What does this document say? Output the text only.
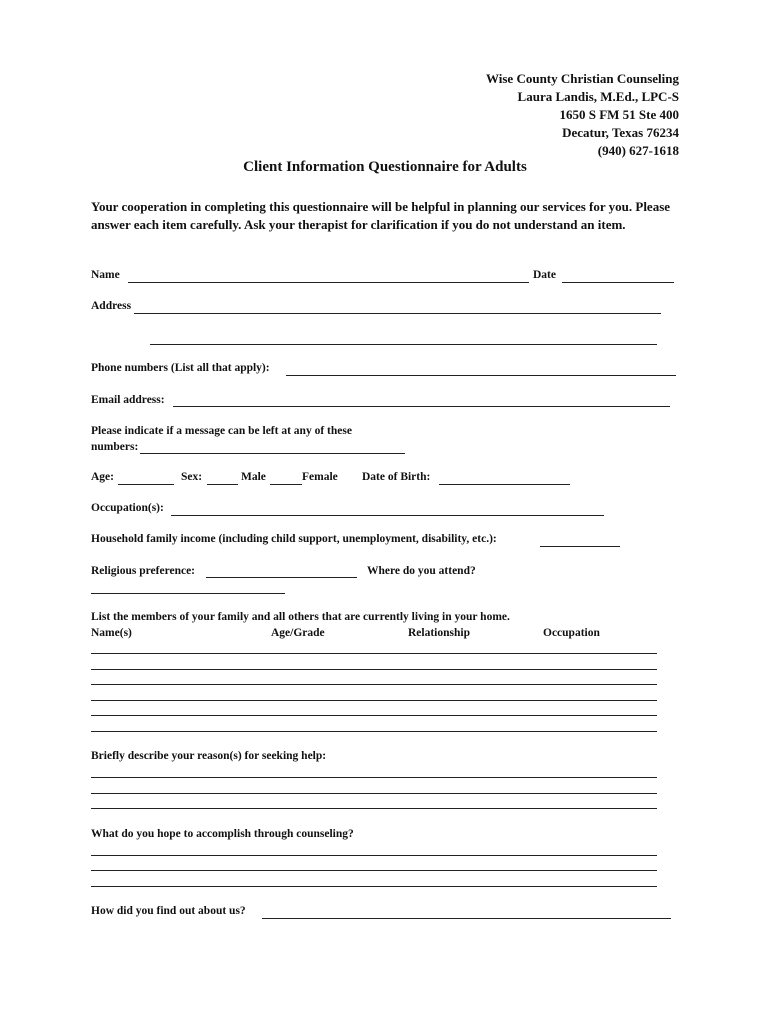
Wise County Christian Counseling
Laura Landis, M.Ed., LPC-S
1650 S FM 51 Ste 400
Decatur, Texas 76234
(940) 627-1618
Client Information Questionnaire for Adults
Your cooperation in completing this questionnaire will be helpful in planning our services for you. Please answer each item carefully. Ask your therapist for clarification if you do not understand an item.
Name	Date
Address
Phone numbers (List all that apply):
Email address:
Please indicate if a message can be left at any of these
numbers:
Age:	Sex:	Male	Female Date of Birth:
Occupation(s):
Household family income (including child support, unemployment, disability, etc.):
Religious preference:	Where do you attend?
List the members of your family and all others that are currently living in your home.
Name(s)	Age/Grade	Relationship	Occupation
Briefly describe your reason(s) for seeking help:
What do you hope to accomplish through counseling?
How did you find out about us?
